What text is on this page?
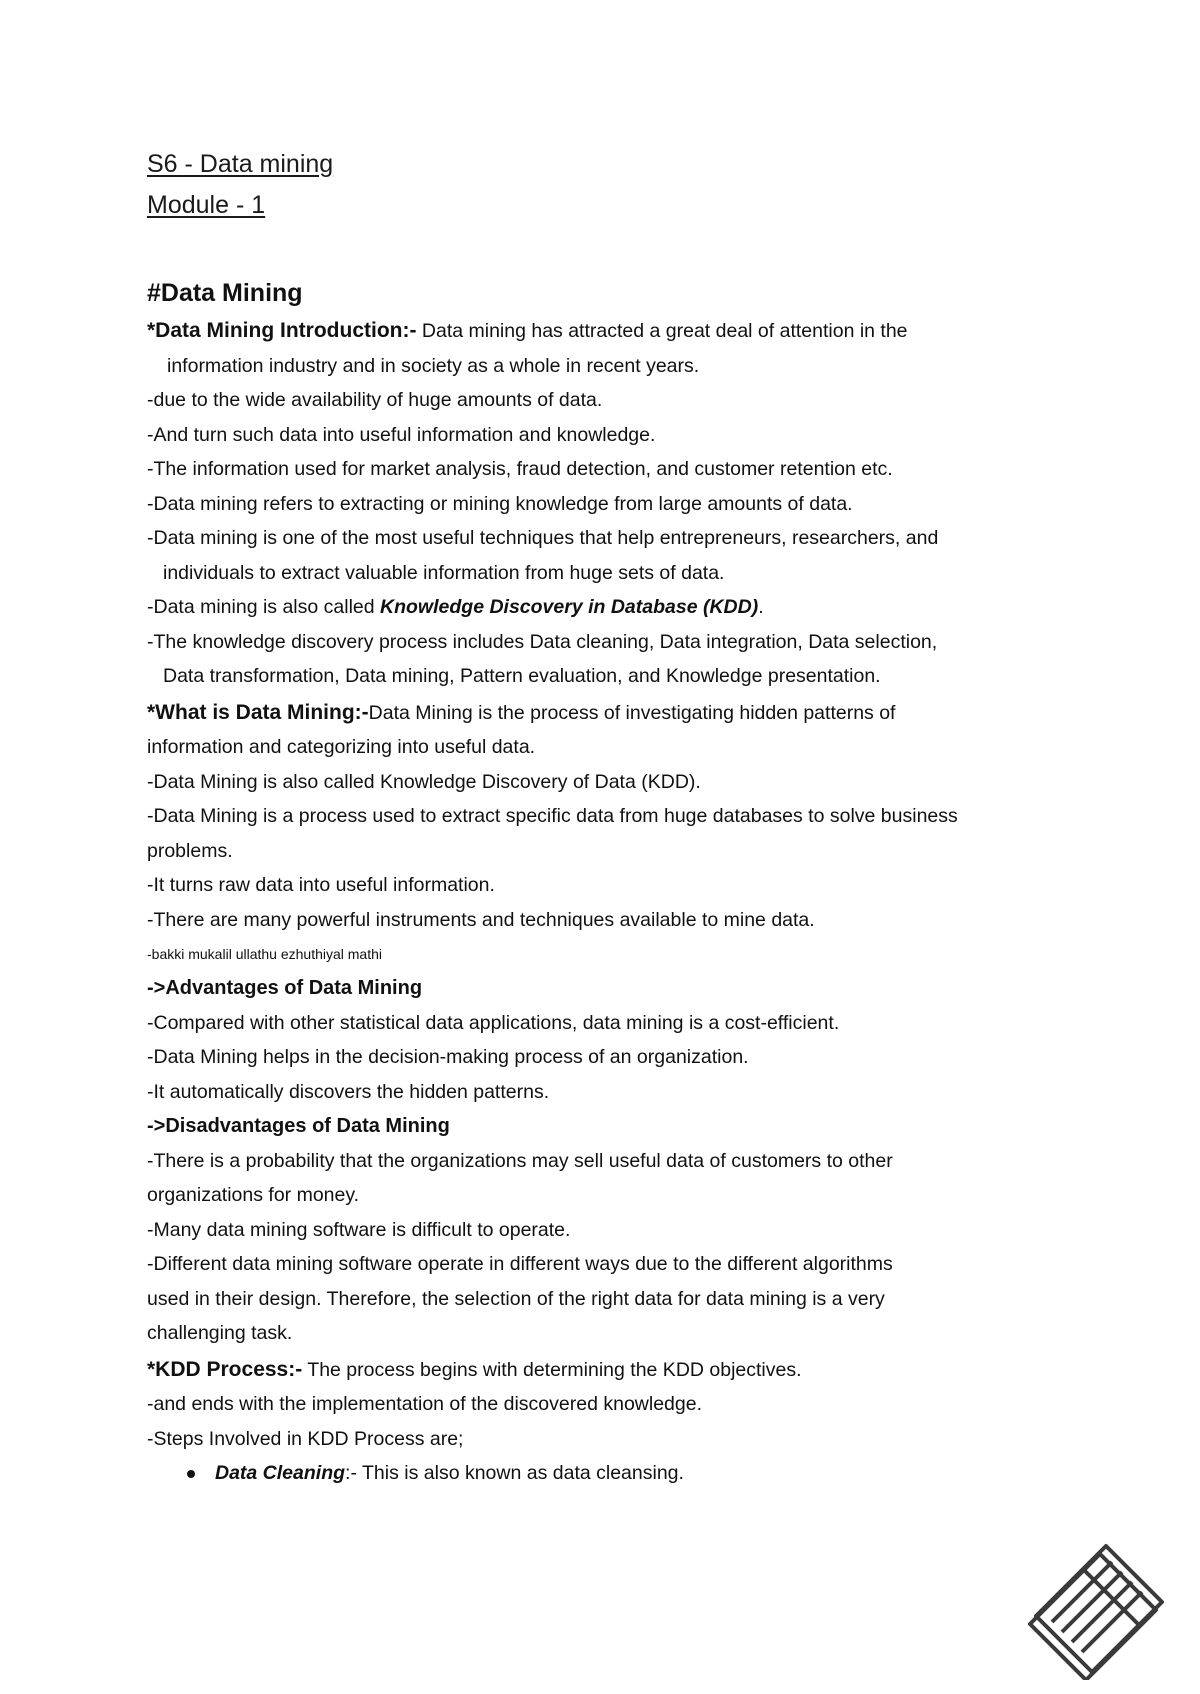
S6 - Data mining
Module - 1
#Data Mining

*Data Mining Introduction:- Data mining has attracted a great deal of attention in the

information industry and in society as a whole in recent years.

-due to the wide availability of huge amounts of data.

-And turn such data into useful information and knowledge.

-The information used for market analysis, fraud detection, and customer retention etc.

-Data mining refers to extracting or mining knowledge from large amounts of data.

-Data mining is one of the most useful techniques that help entrepreneurs, researchers, and

individuals to extract valuable information from huge sets of data.

-Data mining is also called Knowledge Discovery in Database (KDD).

-The knowledge discovery process includes Data cleaning, Data integration, Data selection,

Data transformation, Data mining, Pattern evaluation, and Knowledge presentation.

*What is Data Mining:-Data Mining is the process of investigating hidden patterns of

information and categorizing into useful data.

-Data Mining is also called Knowledge Discovery of Data (KDD).

-Data Mining is a process used to extract specific data from huge databases to solve business

problems.

-It turns raw data into useful information.

-There are many powerful instruments and techniques available to mine data.

-bakki mukalil ullathu ezhuthiyal mathi

->Advantages of Data Mining

-Compared with other statistical data applications, data mining is a cost-efficient.

-Data Mining helps in the decision-making process of an organization.

-It automatically discovers the hidden patterns.

->Disadvantages of Data Mining

-There is a probability that the organizations may sell useful data of customers to other

organizations for money.

-Many data mining software is difficult to operate.

-Different data mining software operate in different ways due to the different algorithms

used in their design. Therefore, the selection of the right data for data mining is a very

challenging task.

*KDD Process:- The process begins with determining the KDD objectives.

-and ends with the implementation of the discovered knowledge.

-Steps Involved in KDD Process are;

Data Cleaning:- This is also known as data cleansing.
